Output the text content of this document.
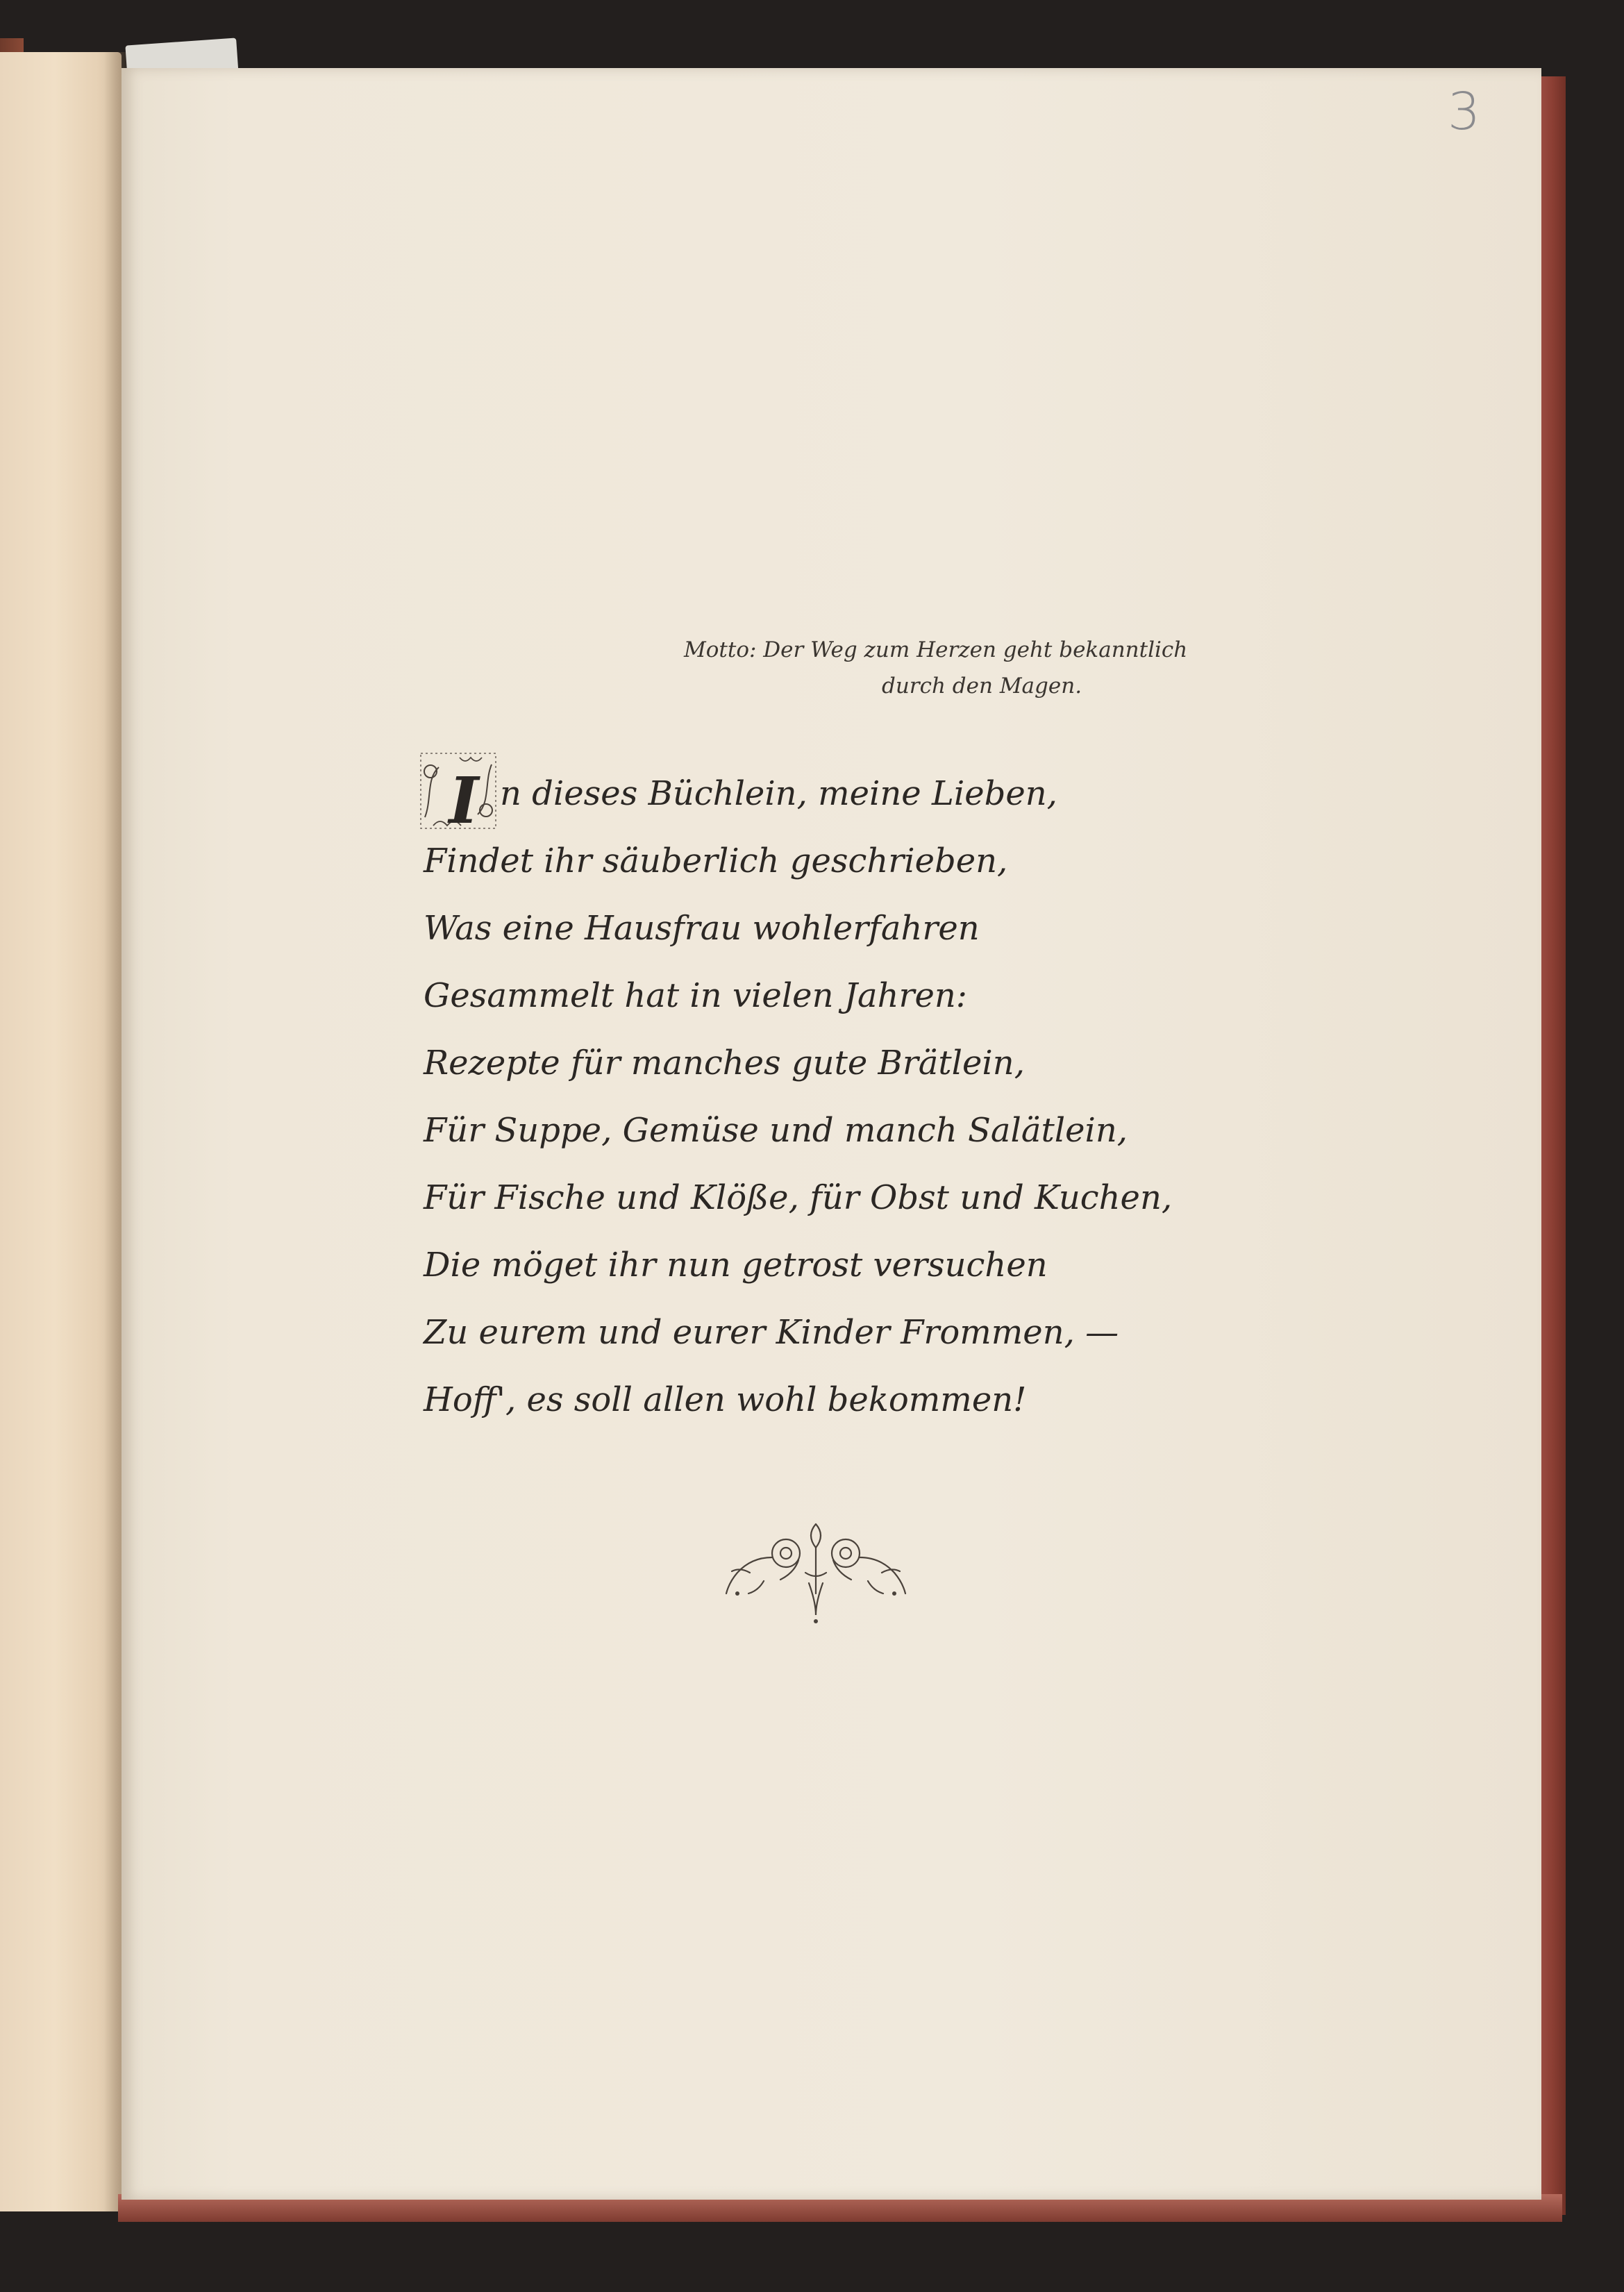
3
Motto: Der Weg zum Herzen geht bekanntlich
durch den Magen.
I n dieses Büchlein, meine Lieben,
Findet ihr säuberlich geschrieben,
Was eine Hausfrau wohlerfahren
Gesammelt hat in vielen Jahren:
Rezepte für manches gute Brätlein,
Für Suppe, Gemüse und manch Salätlein,
Für Fische und Klöße, für Obst und Kuchen,
Die möget ihr nun getrost versuchen
Zu eurem und eurer Kinder Frommen, —
Hoff', es soll allen wohl bekommen!
